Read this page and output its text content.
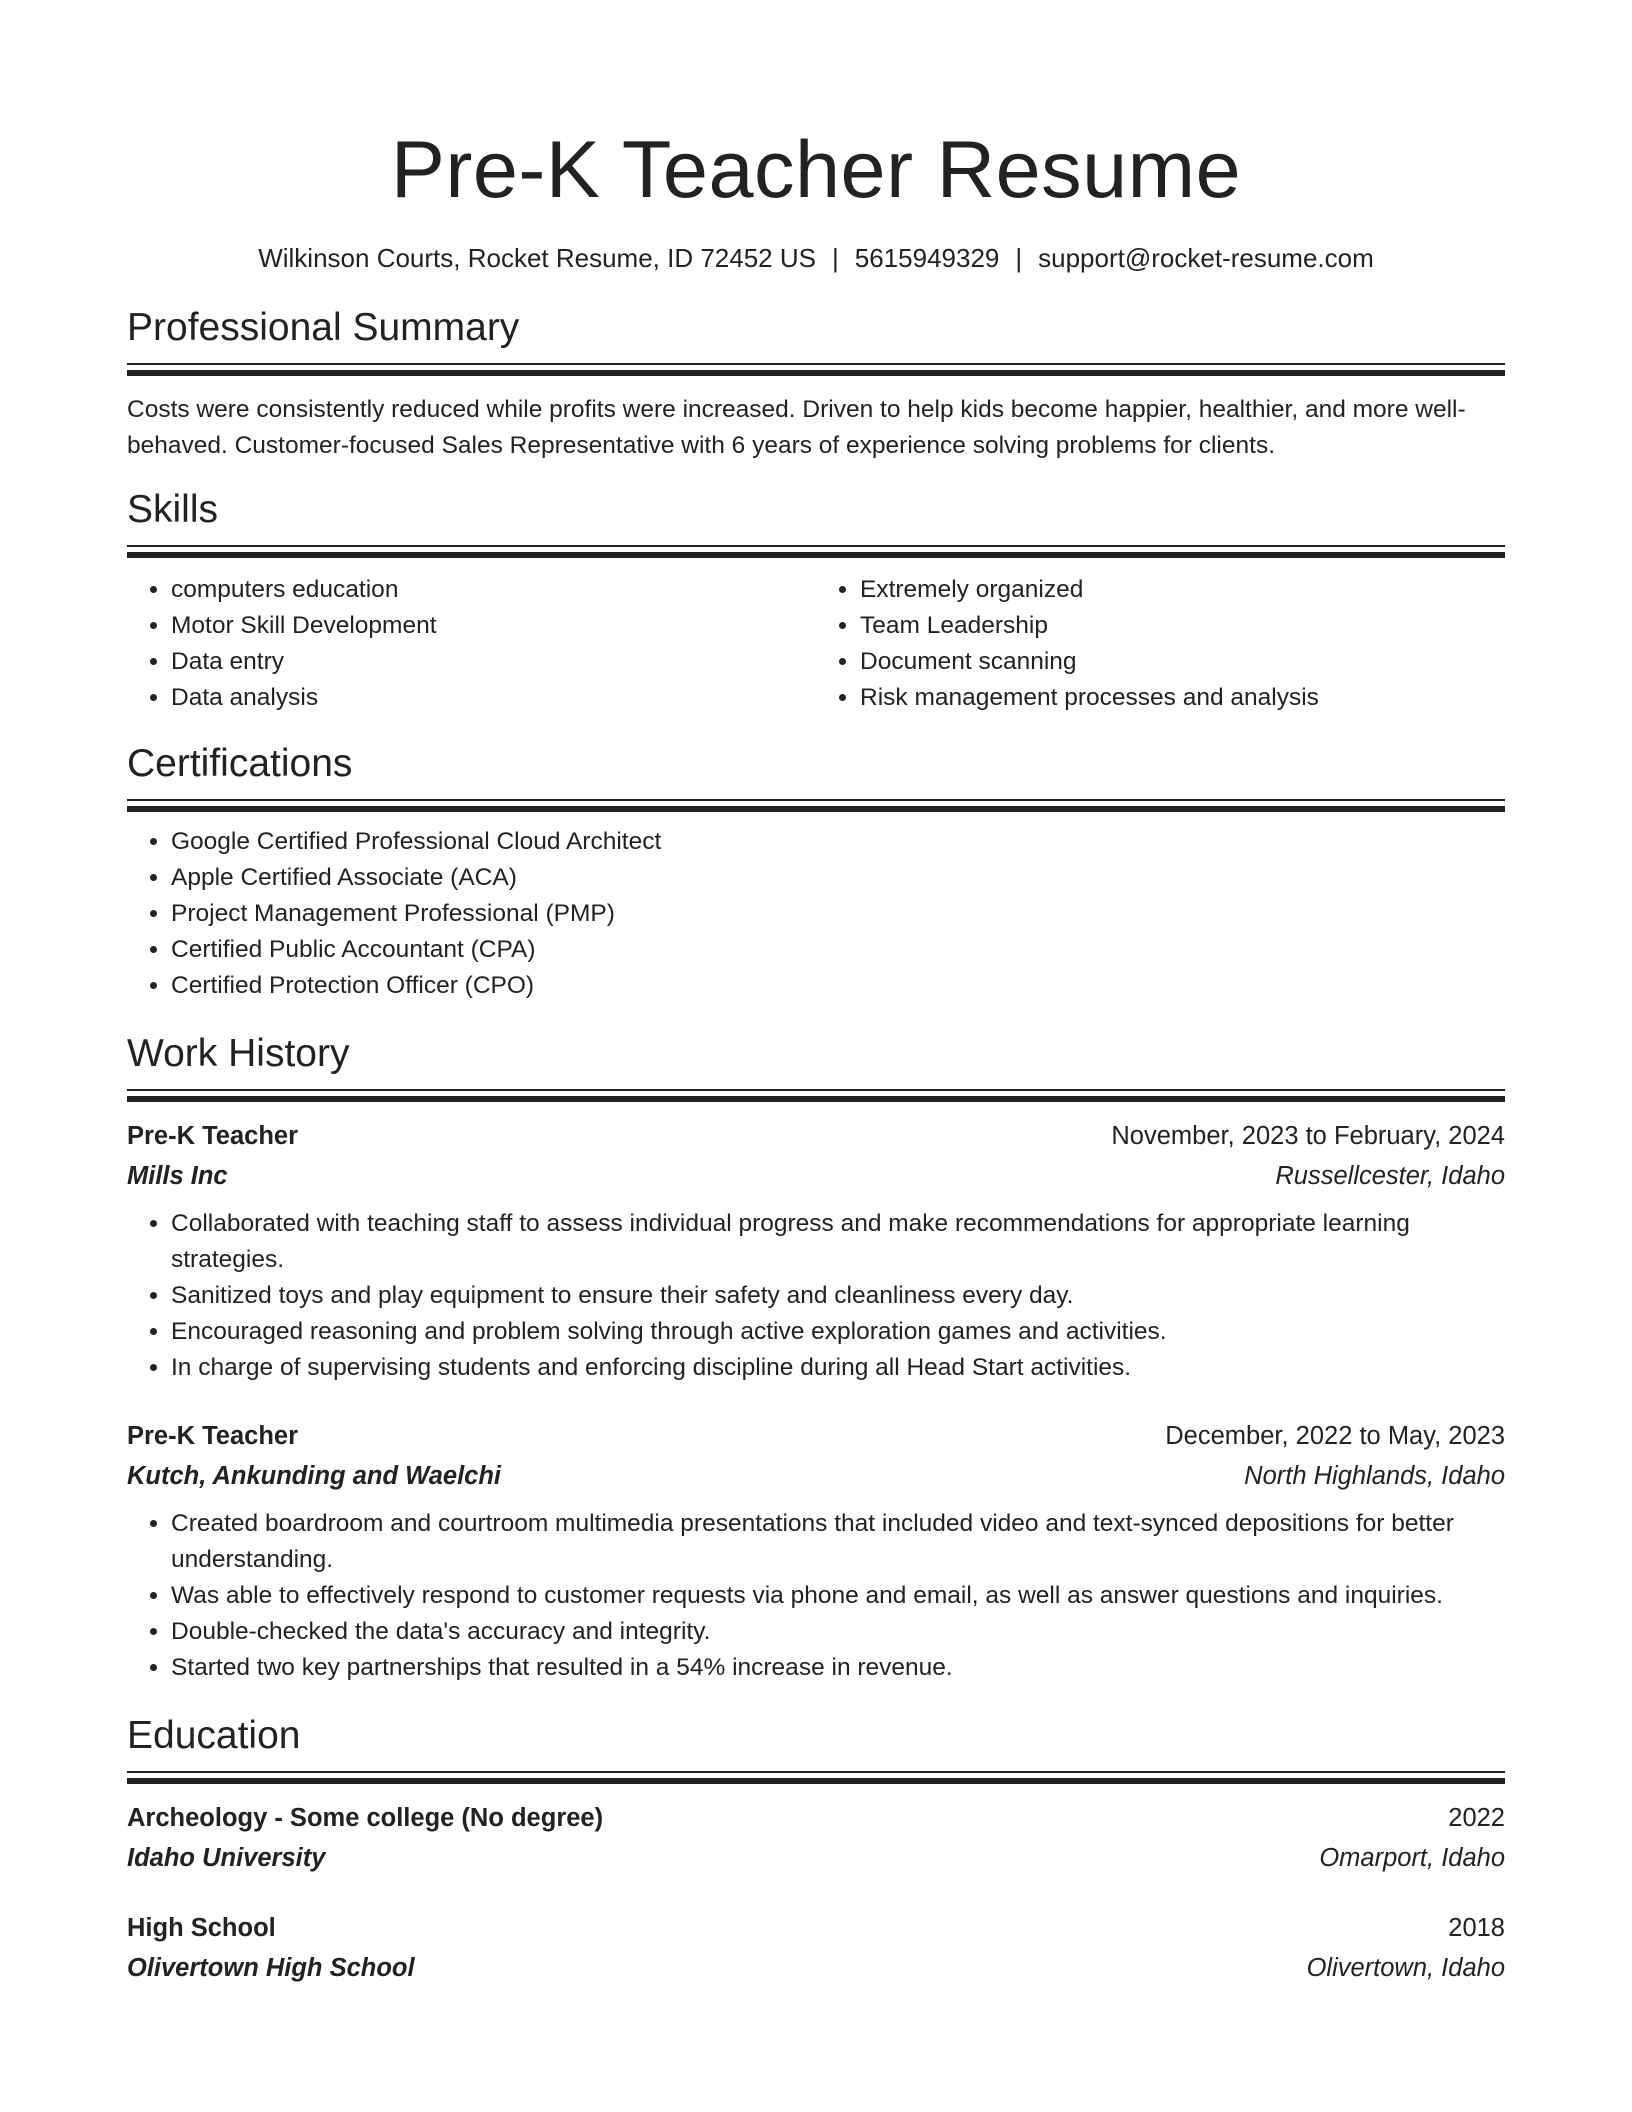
Pre-K Teacher Resume
Wilkinson Courts, Rocket Resume, ID 72452 US | 5615949329 | support@rocket-resume.com
Professional Summary
Costs were consistently reduced while profits were increased. Driven to help kids become happier, healthier, and more well-behaved. Customer-focused Sales Representative with 6 years of experience solving problems for clients.
Skills
• computers education
• Motor Skill Development
• Data entry
• Data analysis
• Extremely organized
• Team Leadership
• Document scanning
• Risk management processes and analysis
Certifications
• Google Certified Professional Cloud Architect
• Apple Certified Associate (ACA)
• Project Management Professional (PMP)
• Certified Public Accountant (CPA)
• Certified Protection Officer (CPO)
Work History
Pre-K Teacher	November, 2023 to February, 2024
Mills Inc	Russellcester, Idaho
• Collaborated with teaching staff to assess individual progress and make recommendations for appropriate learning strategies.
• Sanitized toys and play equipment to ensure their safety and cleanliness every day.
• Encouraged reasoning and problem solving through active exploration games and activities.
• In charge of supervising students and enforcing discipline during all Head Start activities.
Pre-K Teacher	December, 2022 to May, 2023
Kutch, Ankunding and Waelchi	North Highlands, Idaho
• Created boardroom and courtroom multimedia presentations that included video and text-synced depositions for better understanding.
• Was able to effectively respond to customer requests via phone and email, as well as answer questions and inquiries.
• Double-checked the data's accuracy and integrity.
• Started two key partnerships that resulted in a 54% increase in revenue.
Education
Archeology - Some college (No degree)	2022
Idaho University	Omarport, Idaho
High School	2018
Olivertown High School	Olivertown, Idaho
